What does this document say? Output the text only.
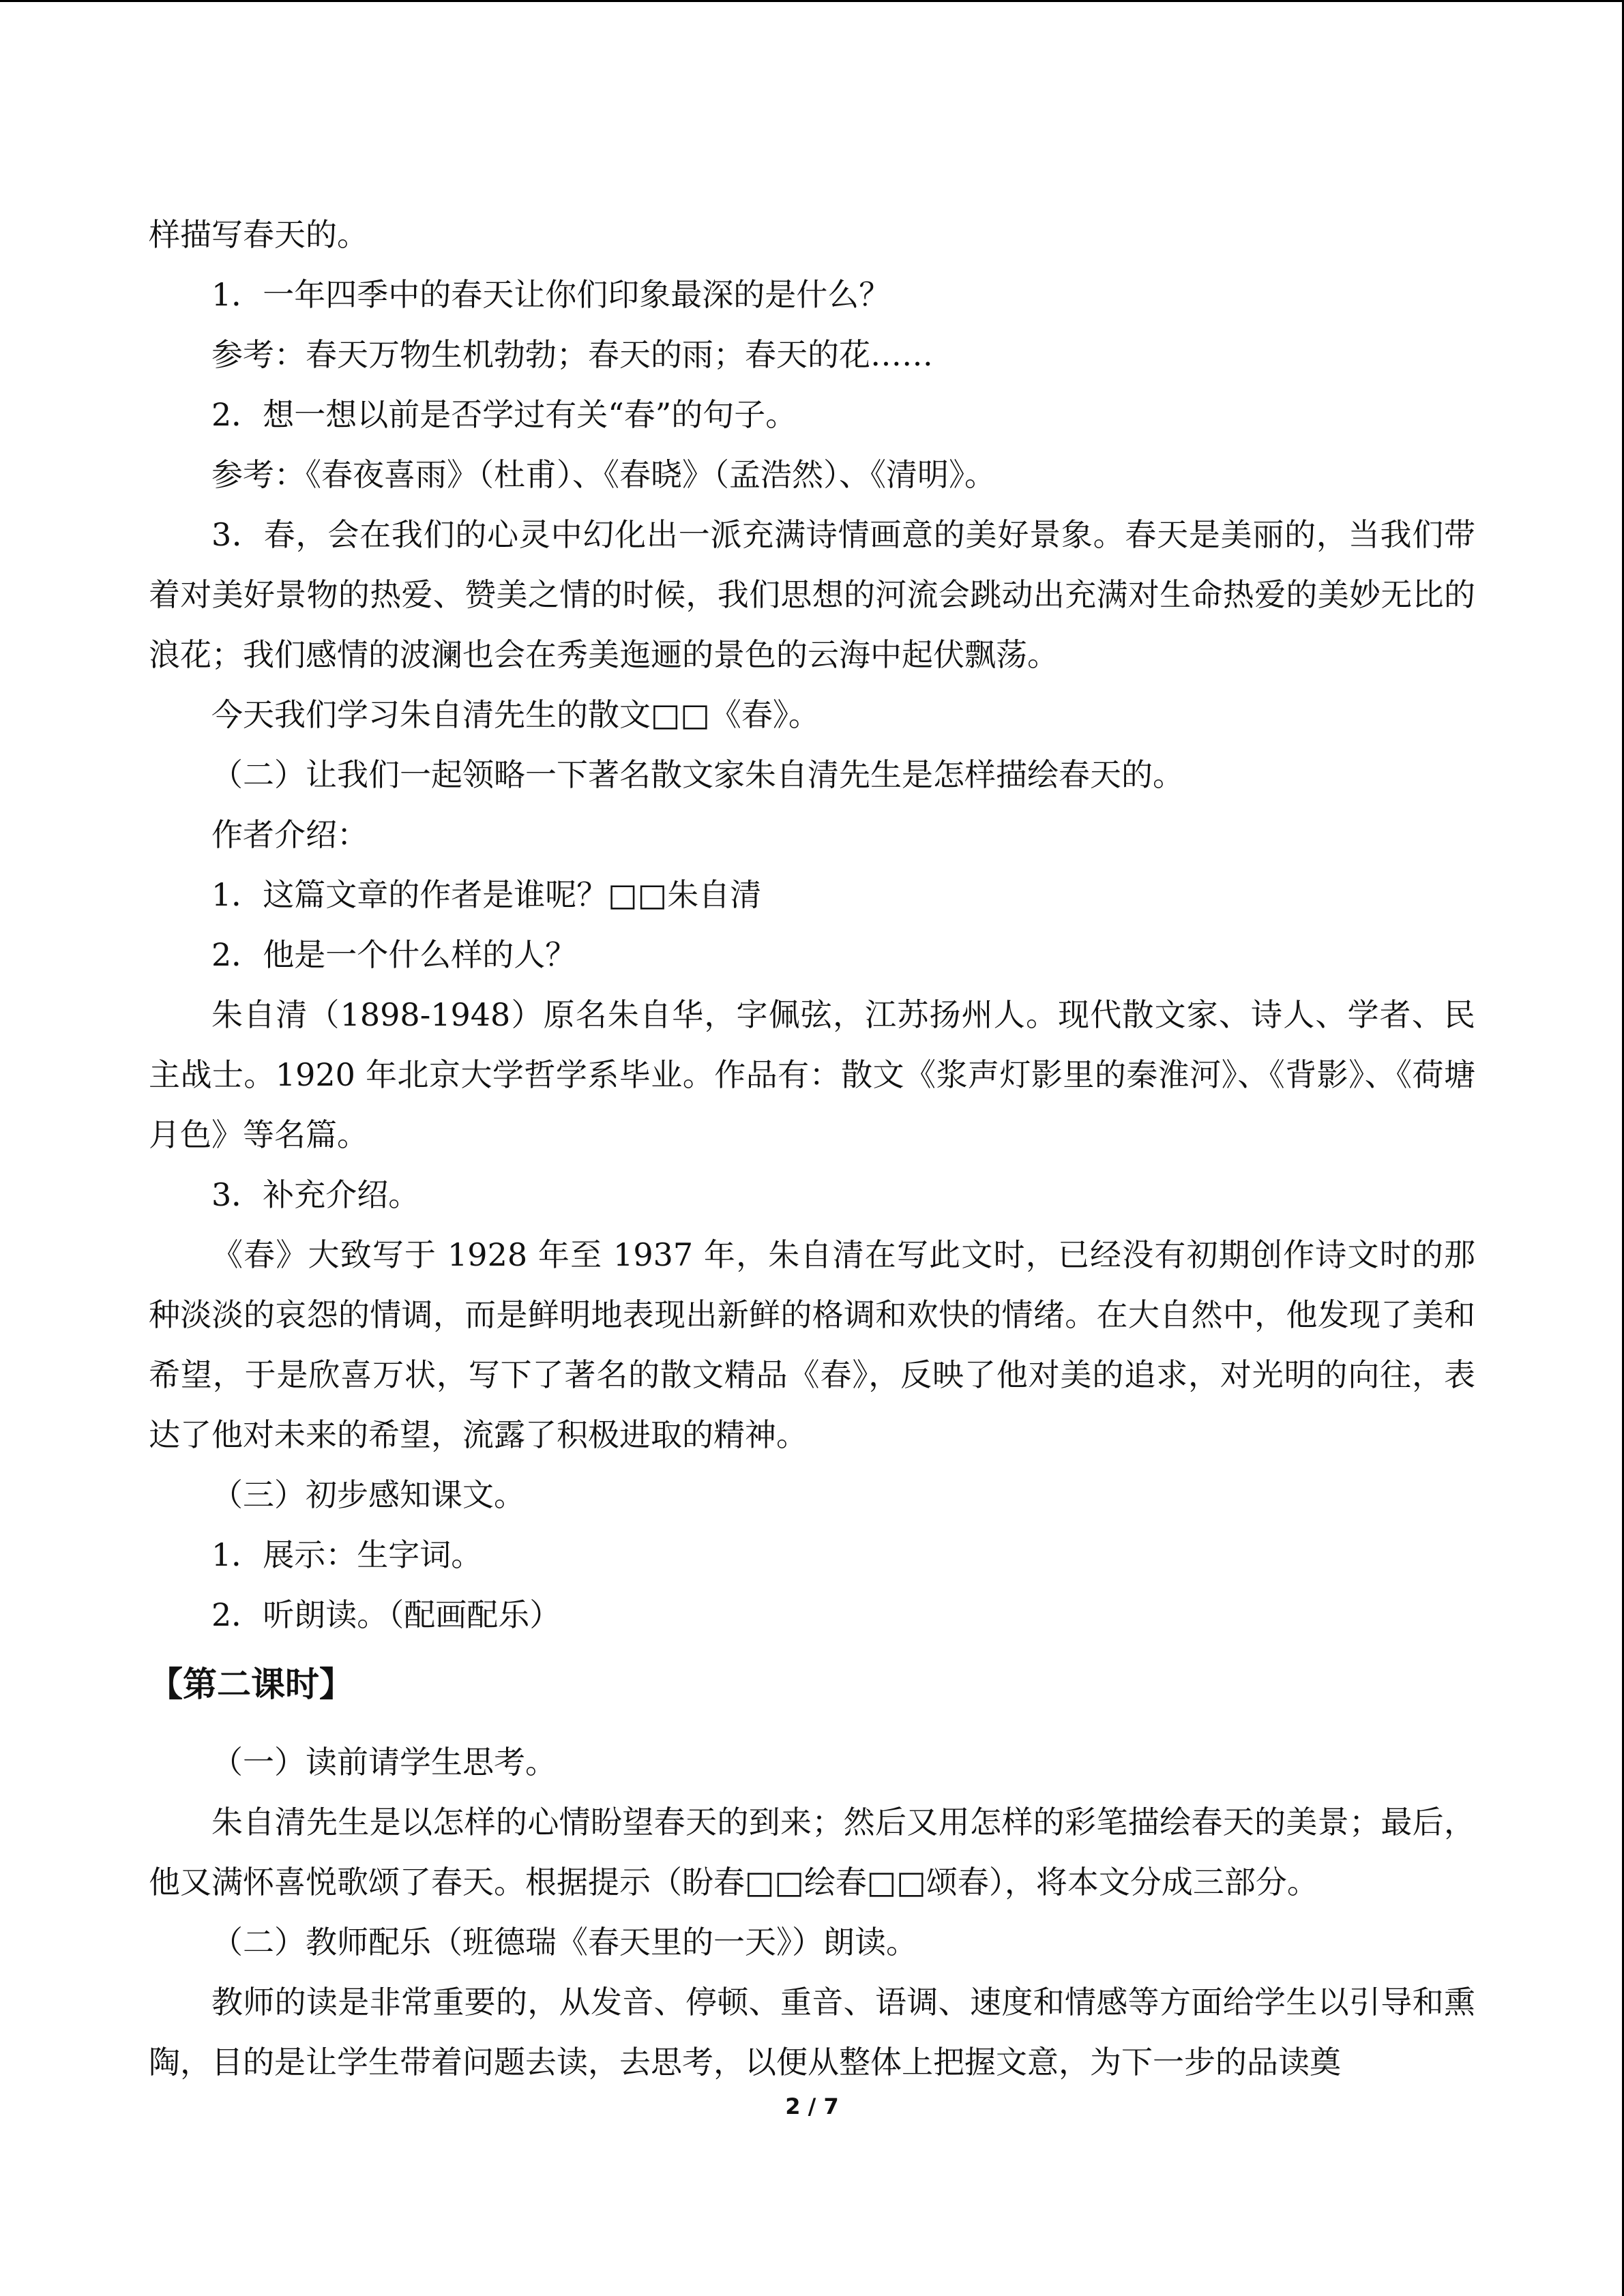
样描写春天的。

1．一年四季中的春天让你们印象最深的是什么？

参考：春天万物生机勃勃；春天的雨；春天的花……

2．想一想以前是否学过有关“春”的句子。

参考：《春夜喜雨》（杜甫）、《春晓》（孟浩然）、《清明》。

3．春，会在我们的心灵中幻化出一派充满诗情画意的美好景象。春天是美丽的，当我们带着对美好景物的热爱、赞美之情的时候，我们思想的河流会跳动出充满对生命热爱的美妙无比的浪花；我们感情的波澜也会在秀美迤逦的景色的云海中起伏飘荡。

今天我们学习朱自清先生的散文□□《春》。

（二）让我们一起领略一下著名散文家朱自清先生是怎样描绘春天的。

作者介绍：

1．这篇文章的作者是谁呢？□□朱自清

2．他是一个什么样的人？

朱自清（1898-1948）原名朱自华，字佩弦，江苏扬州人。现代散文家、诗人、学者、民主战士。1920 年北京大学哲学系毕业。作品有：散文《浆声灯影里的秦淮河》、《背影》、《荷塘月色》等名篇。

3．补充介绍。

《春》大致写于 1928 年至 1937 年，朱自清在写此文时，已经没有初期创作诗文时的那种淡淡的哀怨的情调，而是鲜明地表现出新鲜的格调和欢快的情绪。在大自然中，他发现了美和希望，于是欣喜万状，写下了著名的散文精品《春》，反映了他对美的追求，对光明的向往，表达了他对未来的希望，流露了积极进取的精神。

（三）初步感知课文。

1．展示：生字词。

2．听朗读。（配画配乐）

【第二课时】

（一）读前请学生思考。

朱自清先生是以怎样的心情盼望春天的到来；然后又用怎样的彩笔描绘春天的美景；最后，他又满怀喜悦歌颂了春天。根据提示（盼春□□绘春□□颂春），将本文分成三部分。

（二）教师配乐（班德瑞《春天里的一天》）朗读。

教师的读是非常重要的，从发音、停顿、重音、语调、速度和情感等方面给学生以引导和熏陶，目的是让学生带着问题去读，去思考，以便从整体上把握文意，为下一步的品读奠

2 / 7
